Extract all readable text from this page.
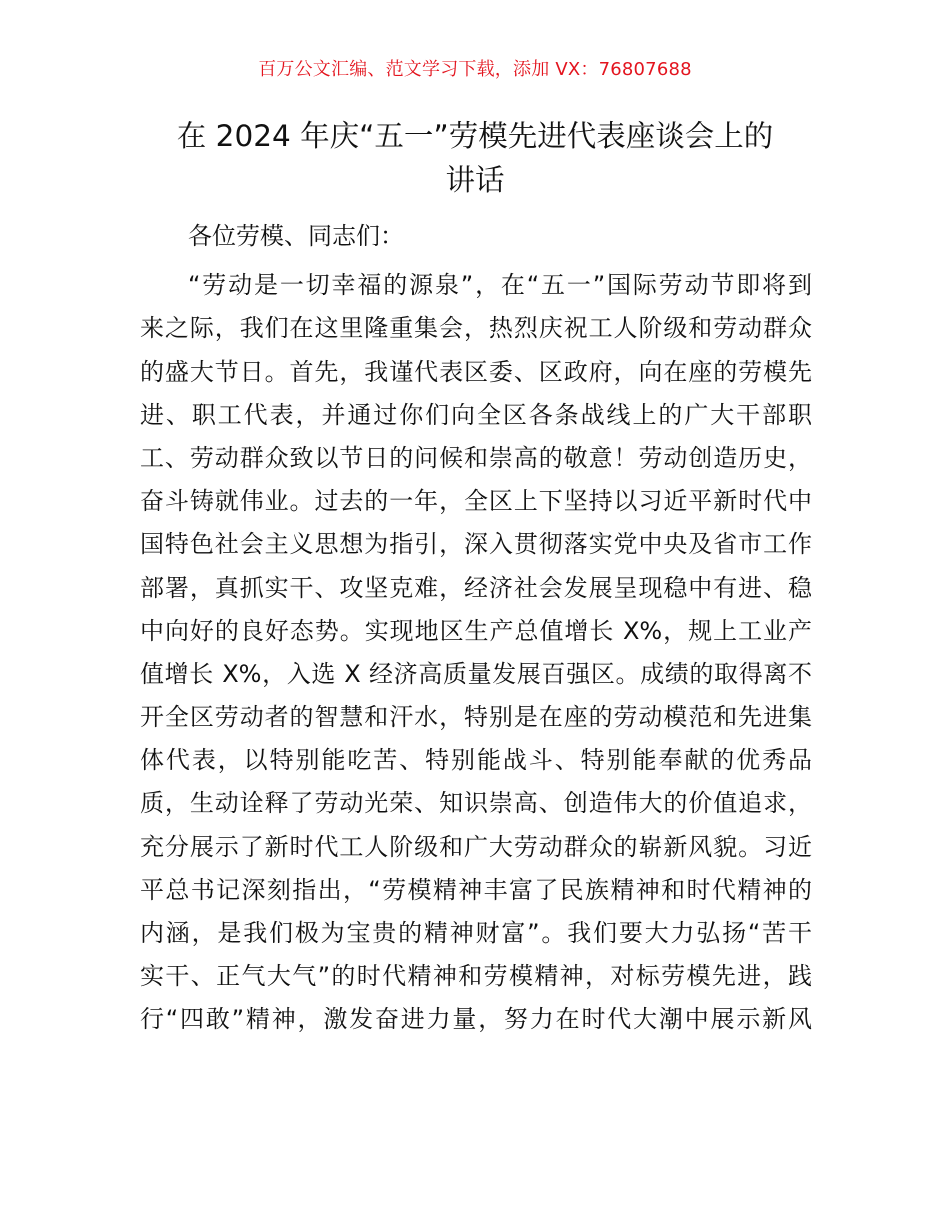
百万公文汇编、范文学习下载，添加 VX：76807688
在 2024 年庆“五一”劳模先进代表座谈会上的
讲话

各位劳模、同志们：

“劳动是一切幸福的源泉”，在“五一”国际劳动节即将到
来之际，我们在这里隆重集会，热烈庆祝工人阶级和劳动群众
的盛大节日。首先，我谨代表区委、区政府，向在座的劳模先
进、职工代表，并通过你们向全区各条战线上的广大干部职
工、劳动群众致以节日的问候和崇高的敬意！劳动创造历史，
奋斗铸就伟业。过去的一年，全区上下坚持以习近平新时代中
国特色社会主义思想为指引，深入贯彻落实党中央及省市工作
部署，真抓实干、攻坚克难，经济社会发展呈现稳中有进、稳
中向好的良好态势。实现地区生产总值增长 X%，规上工业产
值增长 X%，入选 X 经济高质量发展百强区。成绩的取得离不
开全区劳动者的智慧和汗水，特别是在座的劳动模范和先进集
体代表，以特别能吃苦、特别能战斗、特别能奉献的优秀品
质，生动诠释了劳动光荣、知识崇高、创造伟大的价值追求，
充分展示了新时代工人阶级和广大劳动群众的崭新风貌。习近
平总书记深刻指出，“劳模精神丰富了民族精神和时代精神的
内涵，是我们极为宝贵的精神财富”。我们要大力弘扬“苦干
实干、正气大气”的时代精神和劳模精神，对标劳模先进，践
行“四敢”精神，激发奋进力量，努力在时代大潮中展示新风
